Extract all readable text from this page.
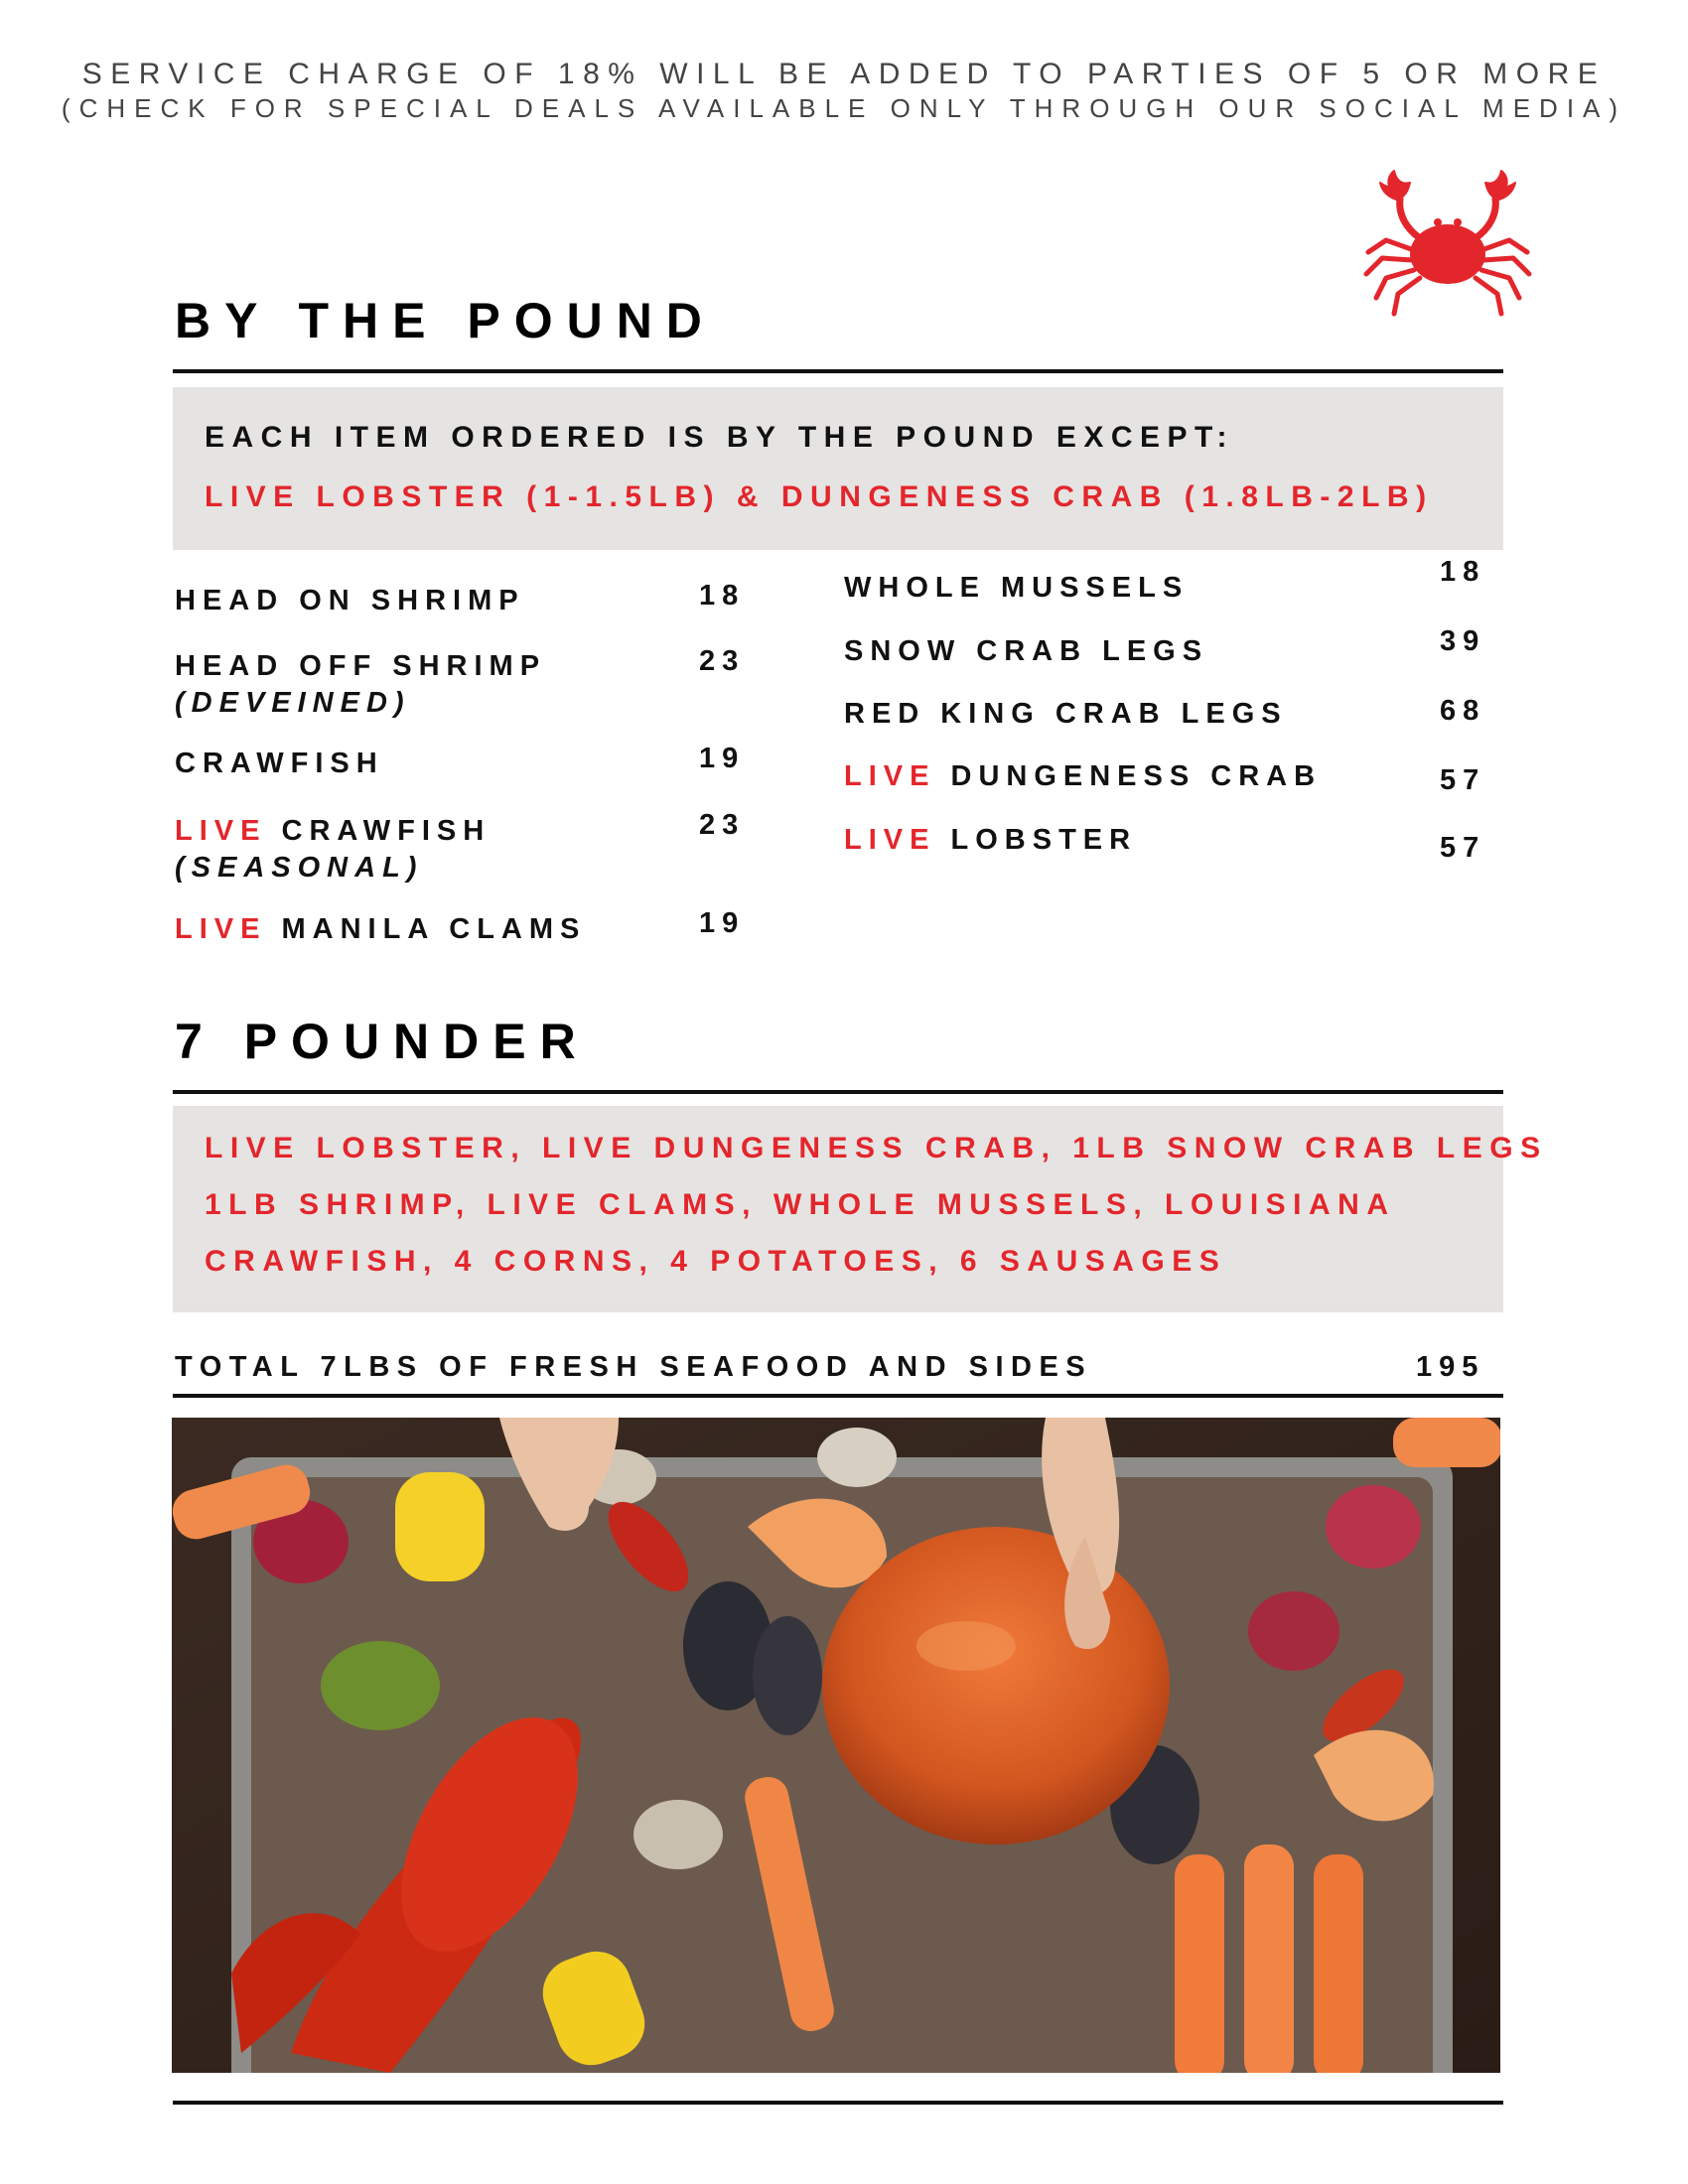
SERVICE CHARGE OF 18% WILL BE ADDED TO PARTIES OF 5 OR MORE
(CHECK FOR SPECIAL DEALS AVAILABLE ONLY THROUGH OUR SOCIAL MEDIA)
BY THE POUND
EACH ITEM ORDERED IS BY THE POUND EXCEPT:
LIVE LOBSTER (1-1.5LB) & DUNGENESS CRAB (1.8LB-2LB)
HEAD ON SHRIMP	18
HEAD OFF SHRIMP
(DEVEINED)
23
CRAWFISH	19
LIVE CRAWFISH
(SEASONAL)
23
LIVE MANILA CLAMS	19
WHOLE MUSSELS	18
SNOW CRAB LEGS	39
RED KING CRAB LEGS	68
LIVE DUNGENESS CRAB	57
LIVE LOBSTER	57
7 POUNDER
LIVE LOBSTER, LIVE DUNGENESS CRAB, 1LB SNOW CRAB LEGS
1LB SHRIMP, LIVE CLAMS, WHOLE MUSSELS, LOUISIANA
CRAWFISH, 4 CORNS, 4 POTATOES, 6 SAUSAGES
TOTAL 7LBS OF FRESH SEAFOOD AND SIDES	195
